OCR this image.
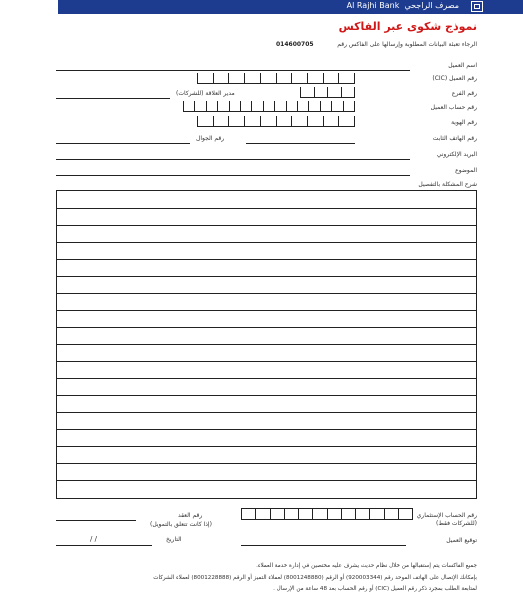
Al Rajhi Bank مصرف الراجحي
نموذج شكوى عبر الفاكس
الرجاء تعبئة البيانات المطلوبة وإرسالها على الفاكس رقم
014600705
اسم العميل
رقم العميل (CIC)
رقم الفرع
مدير العلاقة (للشركات)
رقم حساب العميل
رقم الهوية
رقم الهاتف الثابت
رقم الجوال
البريد الإلكتروني
الموضوع
شرح المشكلة بالتفصيل
رقم الحساب الإستثماري
(للشركات فقط)
رقم العقد
(إذا كانت تتعلق بالتمويل)
توقيع العميل
التاريخ
/ /
جميع الفاكسات يتم إستقبالها من خلال نظام حديث يشرف عليه مختصين في إدارة خدمة العملاء.
بإمكانك الإتصال على الهاتف الموحد رقم (920003344) أو الرقم (8001248880) لعملاء التميز أو الرقم (8001228888) لعملاء الشركات
لمتابعة الطلب بمجرد ذكر رقم العميل (CIC) أو رقم الحساب بعد 48 ساعة من الإرسال .
